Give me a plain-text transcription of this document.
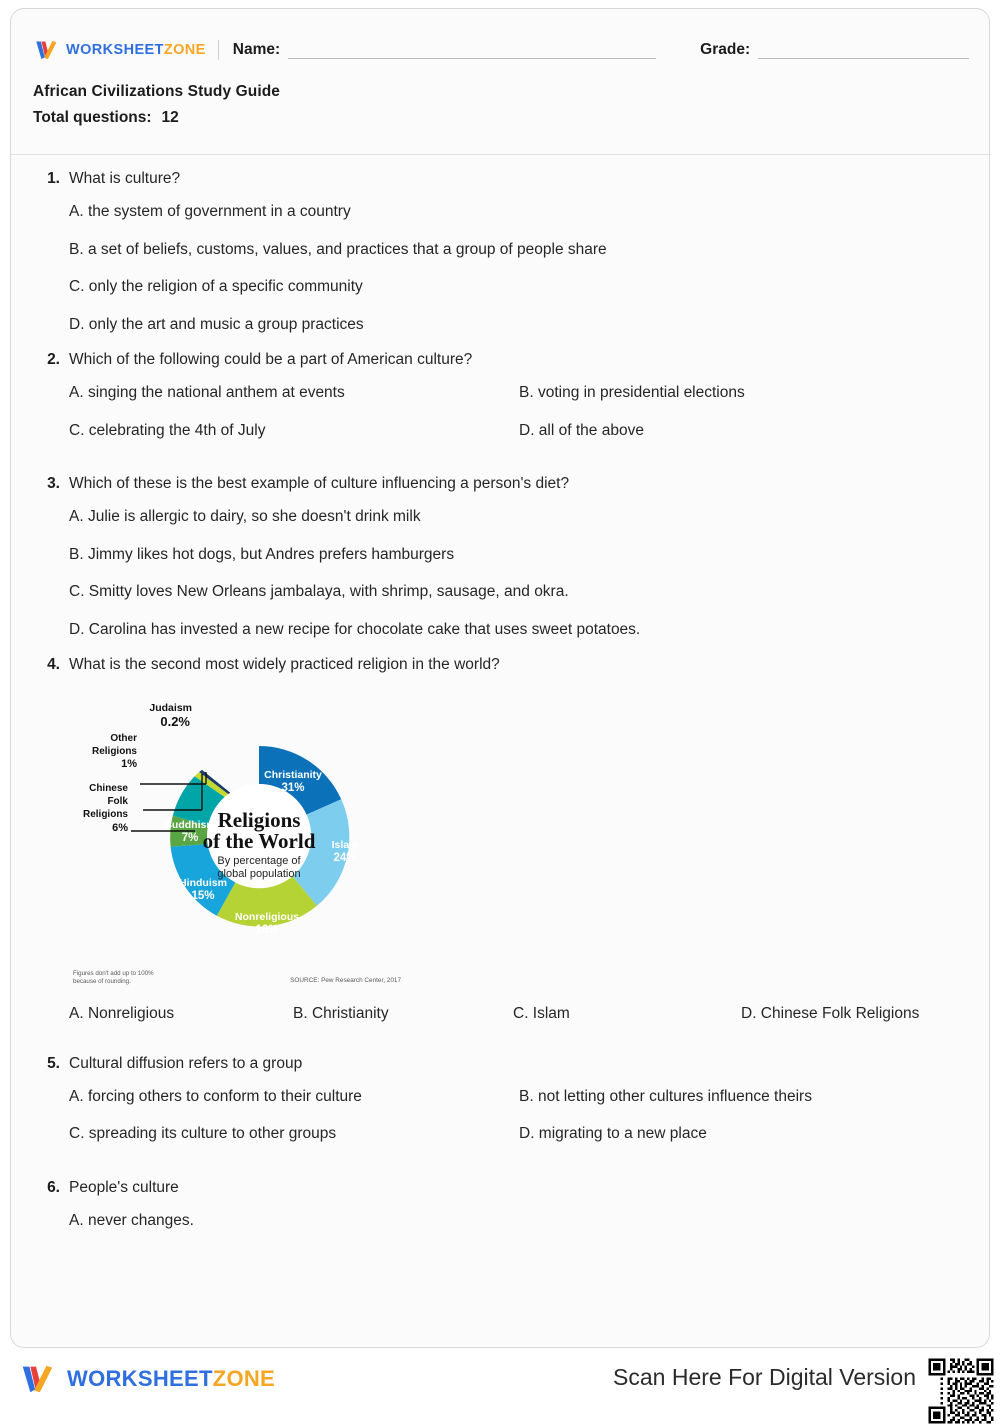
WORKSHEETZONE Name:	Grade:
African Civilizations Study Guide
Total questions: 12
1. What is culture?
A. the system of government in a country
B. a set of beliefs, customs, values, and practices that a group of people share
C. only the religion of a specific community
D. only the art and music a group practices
2. Which of the following could be a part of American culture?
A. singing the national anthem at events	B. voting in presidential elections
C. celebrating the 4th of July	D. all of the above
3. Which of these is the best example of culture influencing a person's diet?
A. Julie is allergic to dairy, so she doesn't drink milk
B. Jimmy likes hot dogs, but Andres prefers hamburgers
C. Smitty loves New Orleans jambalaya, with shrimp, sausage, and okra.
D. Carolina has invested a new recipe for chocolate cake that uses sweet potatoes.
4. What is the second most widely practiced religion in the world?
Religions
of the World
By percentage of
global population
Christianity
31%
Islam
24%
Nonreligious
16%
Hinduism
15%
Buddhism
7%
Judaism
0.2%
Other
Religions
1%
Chinese
Folk
Religions
6%
Figures don't add up to 100%
because of rounding.	SOURCE: Pew Research Center, 2017
A. Nonreligious	B. Christianity	C. Islam	D. Chinese Folk Religions
5. Cultural diffusion refers to a group
A. forcing others to conform to their culture	B. not letting other cultures influence theirs
C. spreading its culture to other groups	D. migrating to a new place
6. People's culture
A. never changes.
WORKSHEETZONE	Scan Here For Digital Version
